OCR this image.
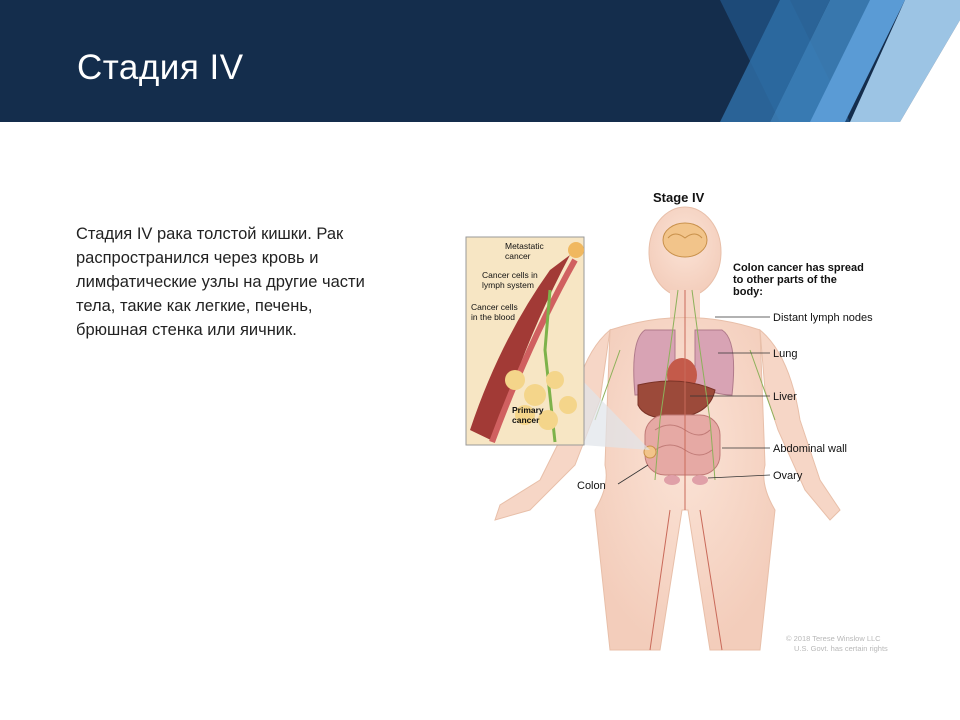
Стадия IV
Стадия IV рака толстой кишки. Рак распространился через кровь и лимфатические узлы на другие части тела, такие как легкие, печень, брюшная стенка или яичник.
Metastatic
cancer
Cancer cells in
lymph system
Cancer cells
in the blood
Primary
cancer
Stage IV
Colon cancer has spread
to other parts of the
body:
Distant lymph nodes
Lung
Liver
Abdominal wall
Ovary
Colon
© 2018 Terese Winslow LLC
U.S. Govt. has certain rights
